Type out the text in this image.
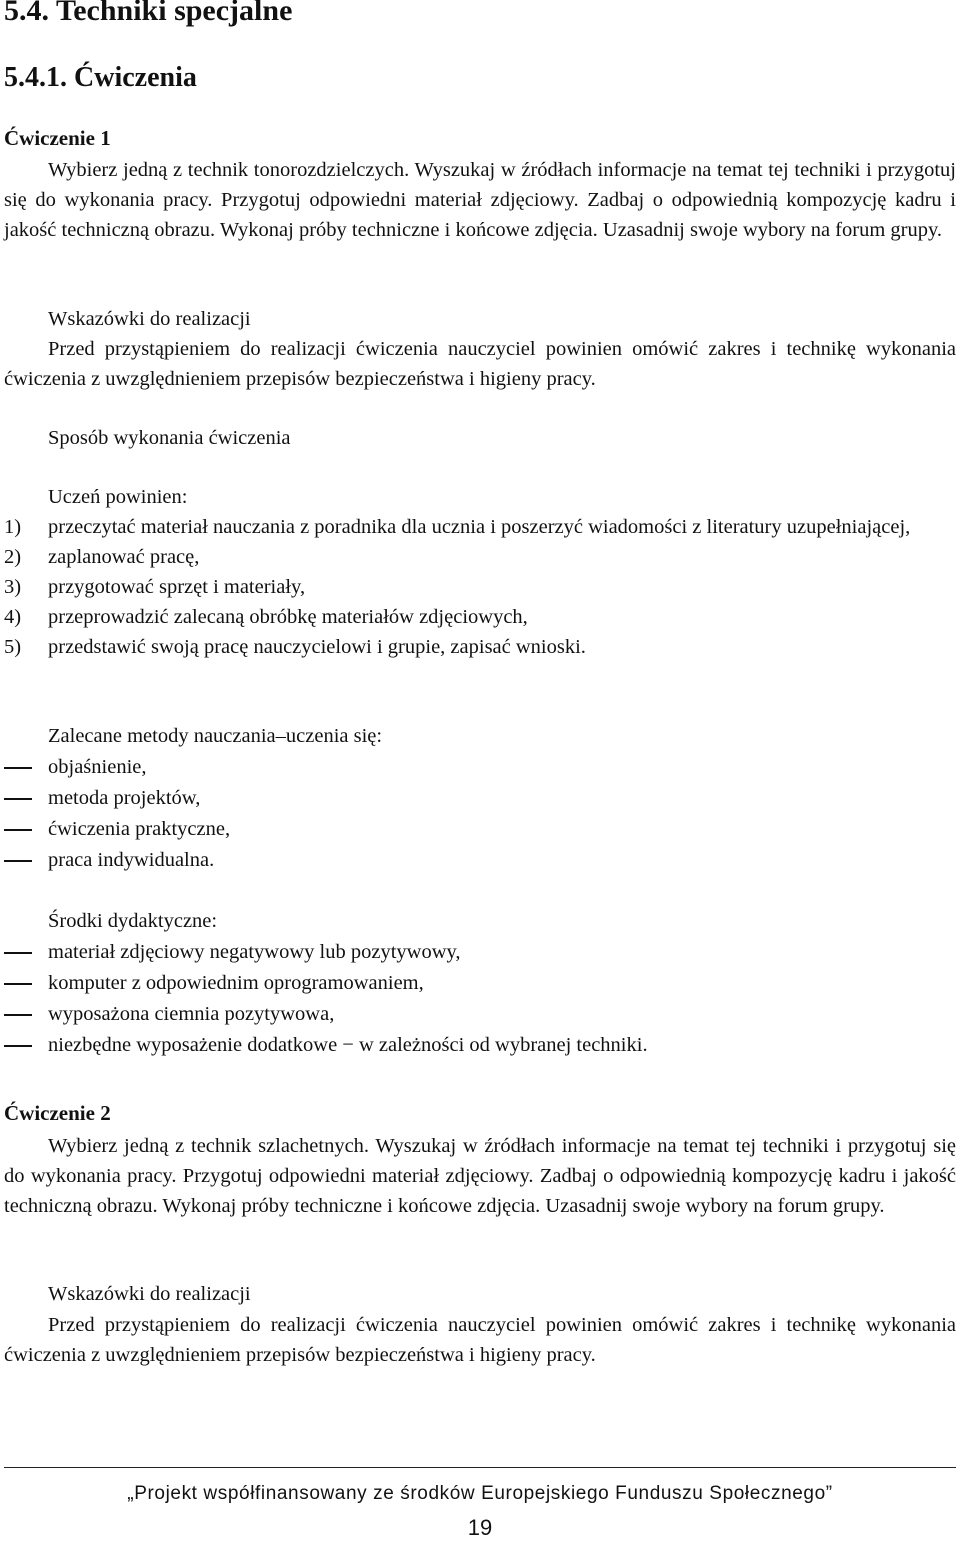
5.4. Techniki specjalne
5.4.1. Ćwiczenia
Ćwiczenie 1

Wybierz jedną z technik tonorozdzielczych. Wyszukaj w źródłach informacje na temat tej techniki i przygotuj się do wykonania pracy. Przygotuj odpowiedni materiał zdjęciowy. Zadbaj o odpowiednią kompozycję kadru i jakość techniczną obrazu. Wykonaj próby techniczne i końcowe zdjęcia. Uzasadnij swoje wybory na forum grupy.

Wskazówki do realizacji

Przed przystąpieniem do realizacji ćwiczenia nauczyciel powinien omówić zakres i technikę wykonania ćwiczenia z uwzględnieniem przepisów bezpieczeństwa i higieny pracy.

Sposób wykonania ćwiczenia
Uczeń powinien:
1) przeczytać materiał nauczania z poradnika dla ucznia i poszerzyć wiadomości z literatury uzupełniającej,
2) zaplanować pracę,
3) przygotować sprzęt i materiały,
4) przeprowadzić zalecaną obróbkę materiałów zdjęciowych,
5) przedstawić swoją pracę nauczycielowi i grupie, zapisać wnioski.
Zalecane metody nauczania–uczenia się:
objaśnienie,
metoda projektów,
ćwiczenia praktyczne,
praca indywidualna.
Środki dydaktyczne:
materiał zdjęciowy negatywowy lub pozytywowy,
komputer z odpowiednim oprogramowaniem,
wyposażona ciemnia pozytywowa,
niezbędne wyposażenie dodatkowe − w zależności od wybranej techniki.
Ćwiczenie 2

Wybierz jedną z technik szlachetnych. Wyszukaj w źródłach informacje na temat tej techniki i przygotuj się do wykonania pracy. Przygotuj odpowiedni materiał zdjęciowy. Zadbaj o odpowiednią kompozycję kadru i jakość techniczną obrazu. Wykonaj próby techniczne i końcowe zdjęcia. Uzasadnij swoje wybory na forum grupy.

Wskazówki do realizacji

Przed przystąpieniem do realizacji ćwiczenia nauczyciel powinien omówić zakres i technikę wykonania ćwiczenia z uwzględnieniem przepisów bezpieczeństwa i higieny pracy.

„Projekt współfinansowany ze środków Europejskiego Funduszu Społecznego”
19
